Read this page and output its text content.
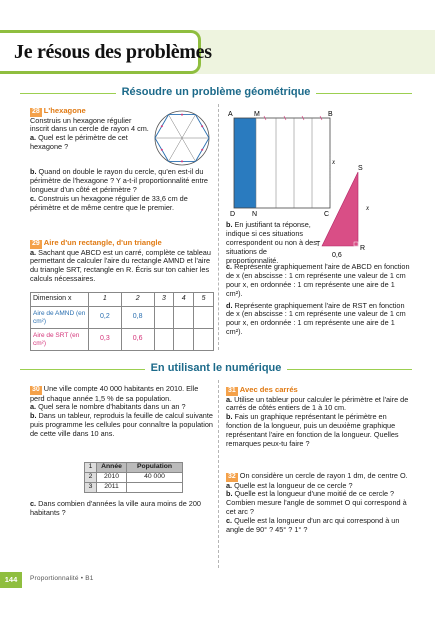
Je résous des problèmes
Résoudre un problème géométrique

28 L'hexagone

Construis un hexagone régulier inscrit dans un cercle de rayon 4 cm.

a. Quel est le périmètre de cet hexagone ?

b. Quand on double le rayon du cercle, qu'en est-il du périmètre de l'hexagone ? Y a-t-il proportionnalité entre longueur d'un côté et périmètre ?

c. Construis un hexagone régulier de 33,6 cm de périmètre et de même centre que le premier.

29 Aire d'un rectangle, d'un triangle

a. Sachant que ABCD est un carré, complète ce tableau permettant de calculer l'aire du rectangle AMND et l'aire du triangle SRT, rectangle en R. Écris sur ton cahier les calculs nécessaires.

Dimension x	1	2	3	4	5
Aire de AMND (en cm²)	0,2	0,8			
Aire de SRT (en cm²)	0,3	0,6			
A	M	B
D N	C
S
T
R
x
x
0,6

b. En justifiant ta réponse, indique si ces situations correspondent ou non à des situations de proportionnalité.

c. Représente graphiquement l'aire de ABCD en fonction de x (en abscisse : 1 cm représente une valeur de 1 cm pour x, en ordonnée : 1 cm représente une aire de 1 cm²).

d. Représente graphiquement l'aire de RST en fonction de x (en abscisse : 1 cm représente une valeur de 1 cm pour x, en ordonnée : 1 cm représente une aire de 1 cm²).

En utilisant le numérique

30 Une ville compte 40 000 habitants en 2010. Elle perd chaque année 1,5 % de sa population.

a. Quel sera le nombre d'habitants dans un an ?

b. Dans un tableur, reproduis la feuille de calcul suivante puis programme les cellules pour connaître la population de cette ville dans 10 ans.

1	Année	Population
2	2010	40 000
3	2011	

c. Dans combien d'années la ville aura moins de 200 habitants ?

31 Avec des carrés

a. Utilise un tableur pour calculer le périmètre et l'aire de carrés de côtés entiers de 1 à 10 cm.

b. Fais un graphique représentant le périmètre en fonction de la longueur, puis un deuxième graphique représentant l'aire en fonction de la longueur. Quelles remarques peux-tu faire ?

32 On considère un cercle de rayon 1 dm, de centre O.

a. Quelle est la longueur de ce cercle ?

b. Quelle est la longueur d'une moitié de ce cercle ? Combien mesure l'angle de sommet O qui correspond à cet arc ?

c. Quelle est la longueur d'un arc qui correspond à un angle de 90° ? 45° ? 1° ?

144	Proportionnalité • B1
